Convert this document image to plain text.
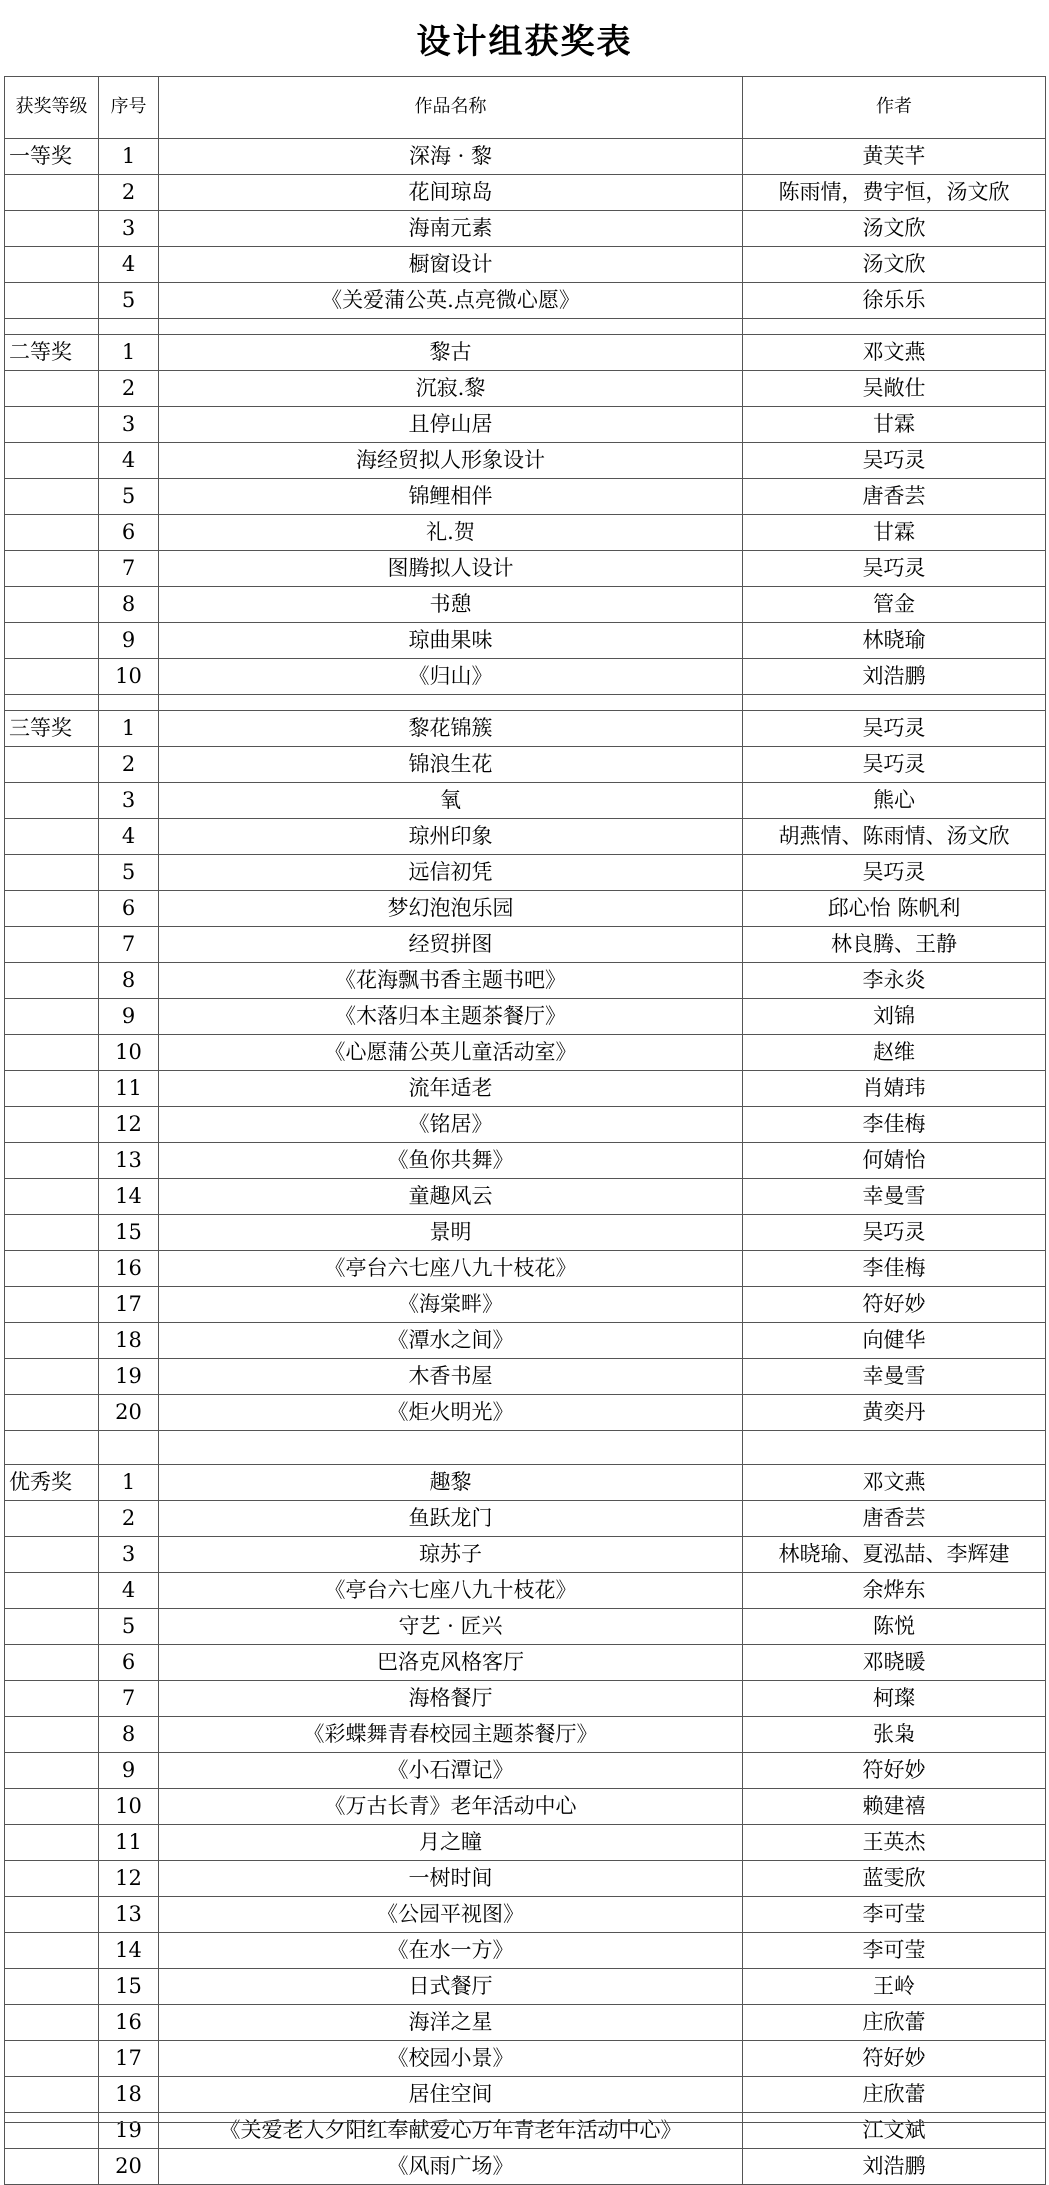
设计组获奖表
获奖等级	序号	作品名称	作者
一等奖	1	深海 · 黎	黄芙芊
	2	花间琼岛	陈雨情，费宇恒，汤文欣
	3	海南元素	汤文欣
	4	橱窗设计	汤文欣
	5	《关爱蒲公英.点亮微心愿》	徐乐乐

二等奖	1	黎古	邓文燕
	2	沉寂.黎	吴敞仕
	3	且停山居	甘霖
	4	海经贸拟人形象设计	吴巧灵
	5	锦鲤相伴	唐香芸
	6	礼.贺	甘霖
	7	图腾拟人设计	吴巧灵
	8	书憩	管金
	9	琼曲果味	林晓瑜
	10	《归山》	刘浩鹏

三等奖	1	黎花锦簇	吴巧灵
	2	锦浪生花	吴巧灵
	3	氧	熊心
	4	琼州印象	胡燕情、陈雨情、汤文欣
	5	远信初凭	吴巧灵
	6	梦幻泡泡乐园	邱心怡 陈帆利
	7	经贸拼图	林良腾、王静
	8	《花海飘书香主题书吧》	李永炎
	9	《木落归本主题茶餐厅》	刘锦
	10	《心愿蒲公英儿童活动室》	赵维
	11	流年适老	肖婧玮
	12	《铭居》	李佳梅
	13	《鱼你共舞》	何婧怡
	14	童趣风云	幸曼雪
	15	景明	吴巧灵
	16	《亭台六七座八九十枝花》	李佳梅
	17	《海棠畔》	符好妙
	18	《潭水之间》	向健华
	19	木香书屋	幸曼雪
	20	《炬火明光》	黄奕丹

优秀奖	1	趣黎	邓文燕
	2	鱼跃龙门	唐香芸
	3	琼苏子	林晓瑜、夏泓喆、李辉建
	4	《亭台六七座八九十枝花》	余烨东
	5	守艺 · 匠兴	陈悦
	6	巴洛克风格客厅	邓晓暖
	7	海格餐厅	柯璨
	8	《彩蝶舞青春校园主题茶餐厅》	张枭
	9	《小石潭记》	符好妙
	10	《万古长青》老年活动中心	赖建禧
	11	月之瞳	王英杰
	12	一树时间	蓝雯欣
	13	《公园平视图》	李可莹
	14	《在水一方》	李可莹
	15	日式餐厅	王岭
	16	海洋之星	庄欣蕾
	17	《校园小景》	符好妙
	18	居住空间	庄欣蕾
	19	《关爱老人夕阳红奉献爱心万年青老年活动中心》	江文斌
	20	《风雨广场》	刘浩鹏
